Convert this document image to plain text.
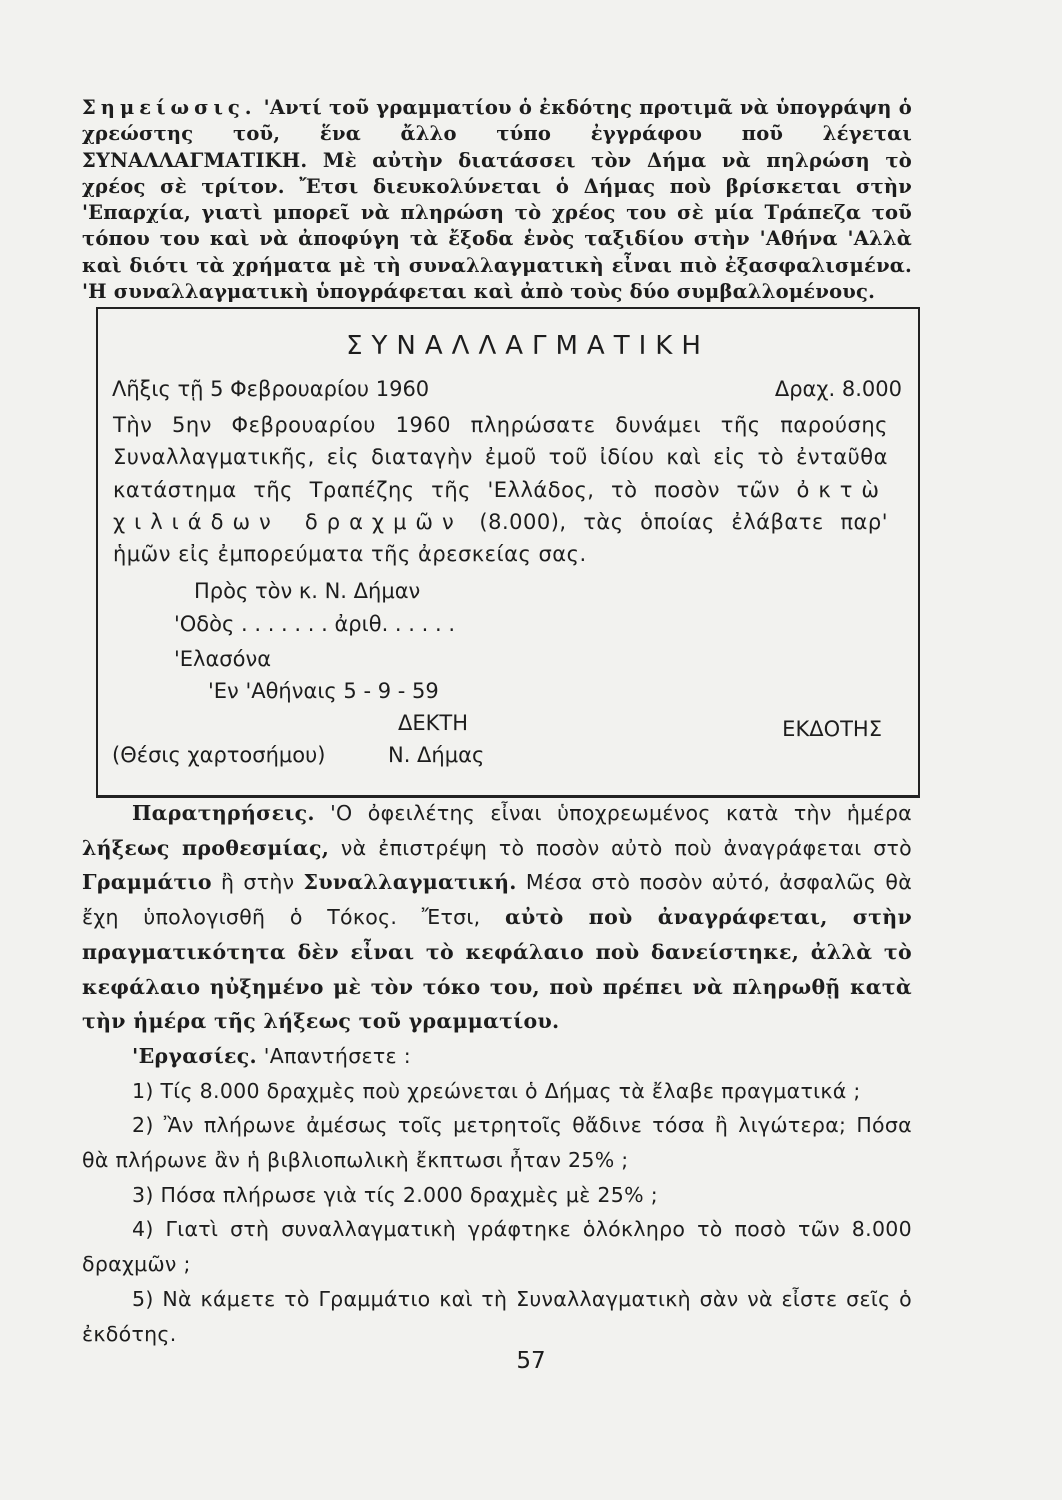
Σημείωσις. 'Αντί τοῦ γραμματίου ὁ ἐκδότης προτιμᾶ νὰ ὑπογράψη ὁ χρεώστης τοῦ, ἕνα ἄλλο τύπο ἐγγράφου ποῦ λέγεται ΣΥΝΑΛΛΑΓΜΑΤΙΚΗ. Μὲ αὐτὴν διατάσσει τὸν Δήμα νὰ πηλρώση τὸ χρέος σὲ τρίτον. Ἔτσι διευκολύνεται ὁ Δήμας ποὺ βρίσκεται στὴν 'Επαρχία, γιατὶ μπορεῖ νὰ πληρώση τὸ χρέος του σὲ μία Τράπεζα τοῦ τόπου του καὶ νὰ ἀποφύγη τὰ ἔξοδα ἑνὸς ταξιδίου στὴν 'Αθήνα 'Αλλὰ καὶ διότι τὰ χρήματα μὲ τὴ συναλλαγματικὴ εἶναι πιὸ ἐξασφαλισμένα. 'Η συναλλαγματικὴ ὑπογράφεται καὶ ἀπὸ τοὺς δύο συμβαλλομένους.
ΣΥΝΑΛΛΑΓΜΑΤΙΚΗ
Λῆξις τῇ 5 Φεβρουαρίου 1960	Δραχ. 8.000
Τὴν 5ην Φεβρουαρίου 1960 πληρώσατε δυνάμει τῆς παρούσης Συναλλαγματικῆς, εἰς διαταγὴν ἐμοῦ τοῦ ἰδίου καὶ εἰς τὸ ἐνταῦθα κατάστημα τῆς Τραπέζης τῆς 'Ελλάδος, τὸ ποσὸν τῶν ὀκτὼ χιλιάδων δραχμῶν (8.000), τὰς ὁποίας ἐλάβατε παρ' ἡμῶν εἰς ἐμπορεύματα τῆς ἀρεσκείας σας.
Πρὸς τὸν κ. Ν. Δήμαν
'Οδὸς . . . . . . . ἀριθ. . . . . .
'Ελασόνα
'Εν 'Αθήναις 5 - 9 - 59
ΔΕΚΤΗ	ΕΚΔΟΤΗΣ
(Θέσις χαρτοσήμου)	Ν. Δήμας

Παρατηρήσεις. 'Ο ὀφειλέτης εἶναι ὑποχρεωμένος κατὰ τὴν ἡμέρα λήξεως προθεσμίας, νὰ ἐπιστρέψη τὸ ποσὸν αὐτὸ ποὺ ἀναγράφεται στὸ Γραμμάτιο ἢ στὴν Συναλλαγματική. Μέσα στὸ ποσὸν αὐτό, ἀσφαλῶς θὰ ἔχη ὑπολογισθῆ ὁ Τόκος. Ἔτσι, αὐτὸ ποὺ ἀναγράφεται, στὴν πραγματικότητα δὲν εἶναι τὸ κεφάλαιο ποὺ δανείστηκε, ἀλλὰ τὸ κεφάλαιο ηὐξημένο μὲ τὸν τόκο του, ποὺ πρέπει νὰ πληρωθῇ κατὰ τὴν ἡμέρα τῆς λήξεως τοῦ γραμματίου.

'Εργασίες. 'Απαντήσετε :

1) Τίς 8.000 δραχμὲς ποὺ χρεώνεται ὁ Δήμας τὰ ἔλαβε πραγματικά ;

2) Ἂν πλήρωνε ἀμέσως τοῖς μετρητοῖς θἄδινε τόσα ἢ λιγώτερα; Πόσα θὰ πλήρωνε ἂν ἡ βιβλιοπωλικὴ ἔκπτωσι ἦταν 25% ;

3) Πόσα πλήρωσε γιὰ τίς 2.000 δραχμὲς μὲ 25% ;

4) Γιατὶ στὴ συναλλαγματικὴ γράφτηκε ὁλόκληρο τὸ ποσὸ τῶν 8.000 δραχμῶν ;

5) Νὰ κάμετε τὸ Γραμμάτιο καὶ τὴ Συναλλαγματικὴ σὰν νὰ εἶστε σεῖς ὁ ἐκδότης.

57
